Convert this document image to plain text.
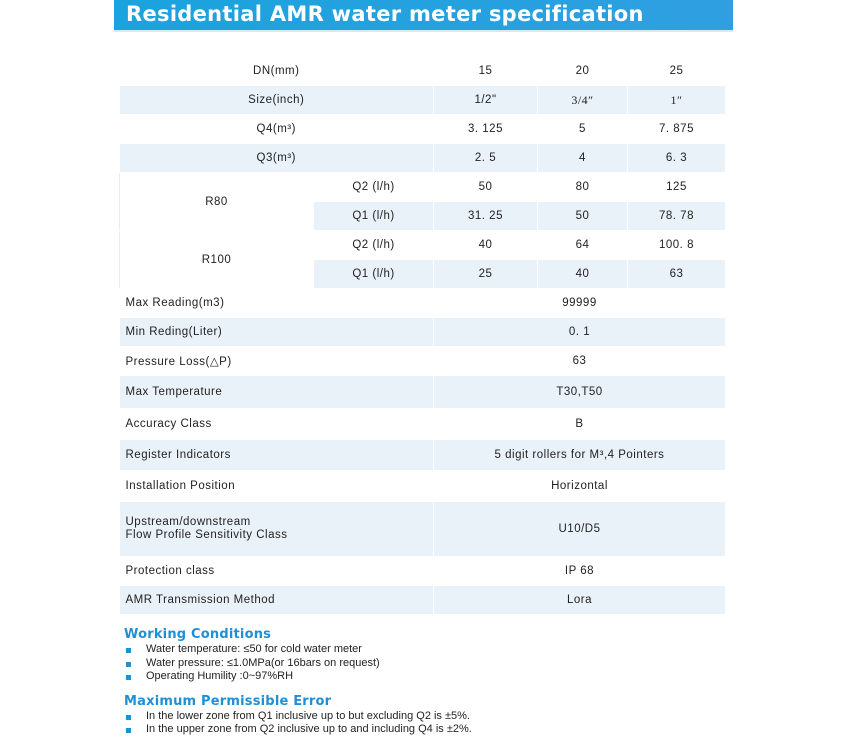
Residential AMR water meter specification
DN(mm)		15	20	25
Size(inch)		1/2"	3/4″	1″
Q4(m³)		3. 125	5	7. 875
Q3(m³)		2. 5	4	6. 3
R80	Q2 (l/h)	50	80	125
	Q1 (l/h)	31. 25	50	78. 78
R100	Q2 (l/h)	40	64	100. 8
	Q1 (l/h)	25	40	63
Max Reading(m3)		99999		
Min Reding(Liter)		0. 1		
Pressure Loss(△P)		63		
Max Temperature		T30,T50		
Accuracy Class		B		
Register Indicators		5 digit rollers for M³,4 Pointers		
Installation Position		Horizontal		

Upstream/downstream
Flow Profile Sensitivity Class		U10/D5		
Protection class		IP 68		
AMR Transmission Method		Lora		
Working Conditions
Water temperature: ≤50 for cold water meter
Water pressure: ≤1.0MPa(or 16bars on request)
Operating Humility :0~97%RH
Maximum Permissible Error
In the lower zone from Q1 inclusive up to but excluding Q2 is ±5%.
In the upper zone from Q2 inclusive up to and including Q4 is ±2%.
